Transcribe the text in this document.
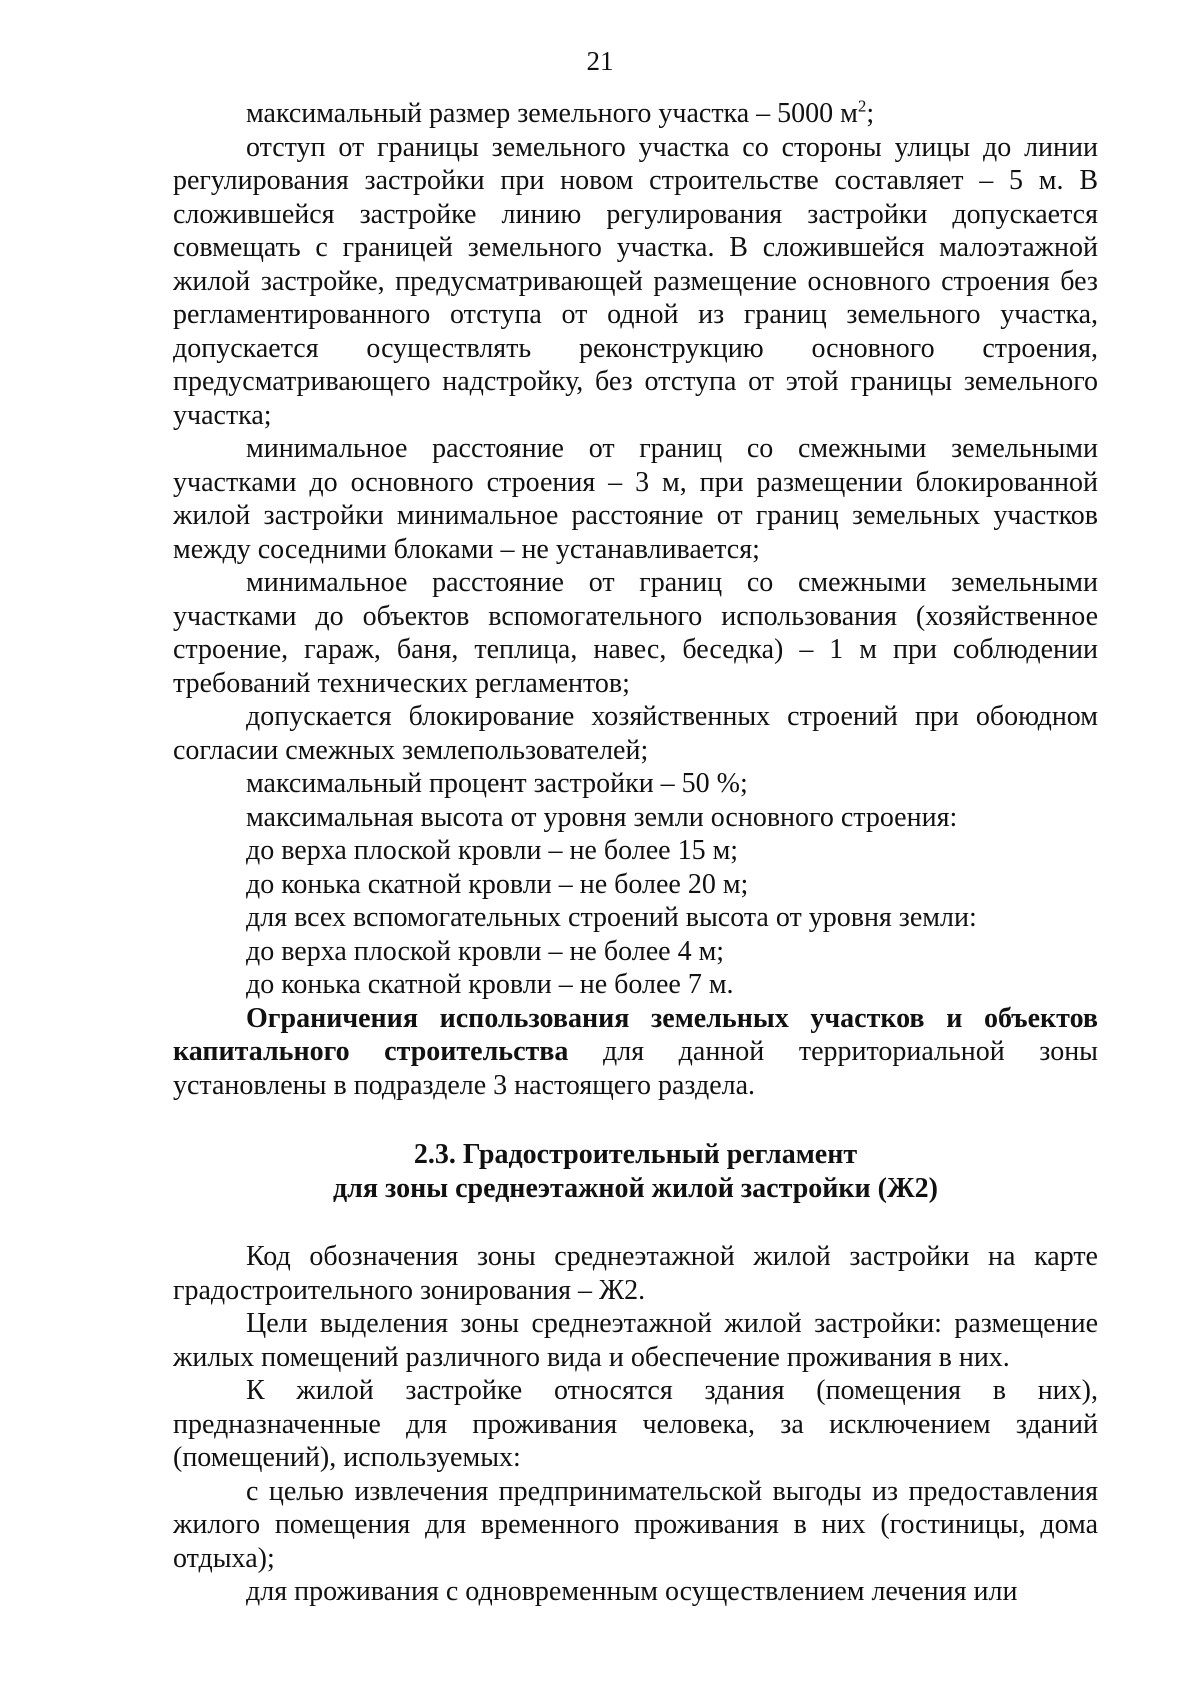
21

максимальный размер земельного участка – 5000 $м^2$;

отступ от границы земельного участка со стороны улицы до линии регулирования застройки при новом строительстве составляет – 5 м. В сложившейся застройке линию регулирования застройки допускается совмещать с границей земельного участка. В сложившейся малоэтажной жилой застройке, предусматривающей размещение основного строения без регламентированного отступа от одной из границ земельного участка, допускается осуществлять реконструкцию основного строения, предусматривающего надстройку, без отступа от этой границы земельного участка;

минимальное расстояние от границ со смежными земельными участками до основного строения – 3 м, при размещении блокированной жилой застройки минимальное расстояние от границ земельных участков между соседними блоками – не устанавливается;

минимальное расстояние от границ со смежными земельными участками до объектов вспомогательного использования (хозяйственное строение, гараж, баня, теплица, навес, беседка) – 1 м при соблюдении требований технических регламентов;

допускается блокирование хозяйственных строений при обоюдном согласии смежных землепользователей;

максимальный процент застройки – 50 %;

максимальная высота от уровня земли основного строения:

до верха плоской кровли – не более 15 м;

до конька скатной кровли – не более 20 м;

для всех вспомогательных строений высота от уровня земли:

до верха плоской кровли – не более 4 м;

до конька скатной кровли – не более 7 м.

Ограничения использования земельных участков и объектов капитального строительства для данной территориальной зоны установлены в подразделе 3 настоящего раздела.

2.3. Градостроительный регламент

для зоны среднеэтажной жилой застройки (Ж2)

Код обозначения зоны среднеэтажной жилой застройки на карте градостроительного зонирования – Ж2.

Цели выделения зоны среднеэтажной жилой застройки: размещение жилых помещений различного вида и обеспечение проживания в них.

К жилой застройке относятся здания (помещения в них), предназначенные для проживания человека, за исключением зданий (помещений), используемых:

с целью извлечения предпринимательской выгоды из предоставления жилого помещения для временного проживания в них (гостиницы, дома отдыха);

для проживания с одновременным осуществлением лечения или
